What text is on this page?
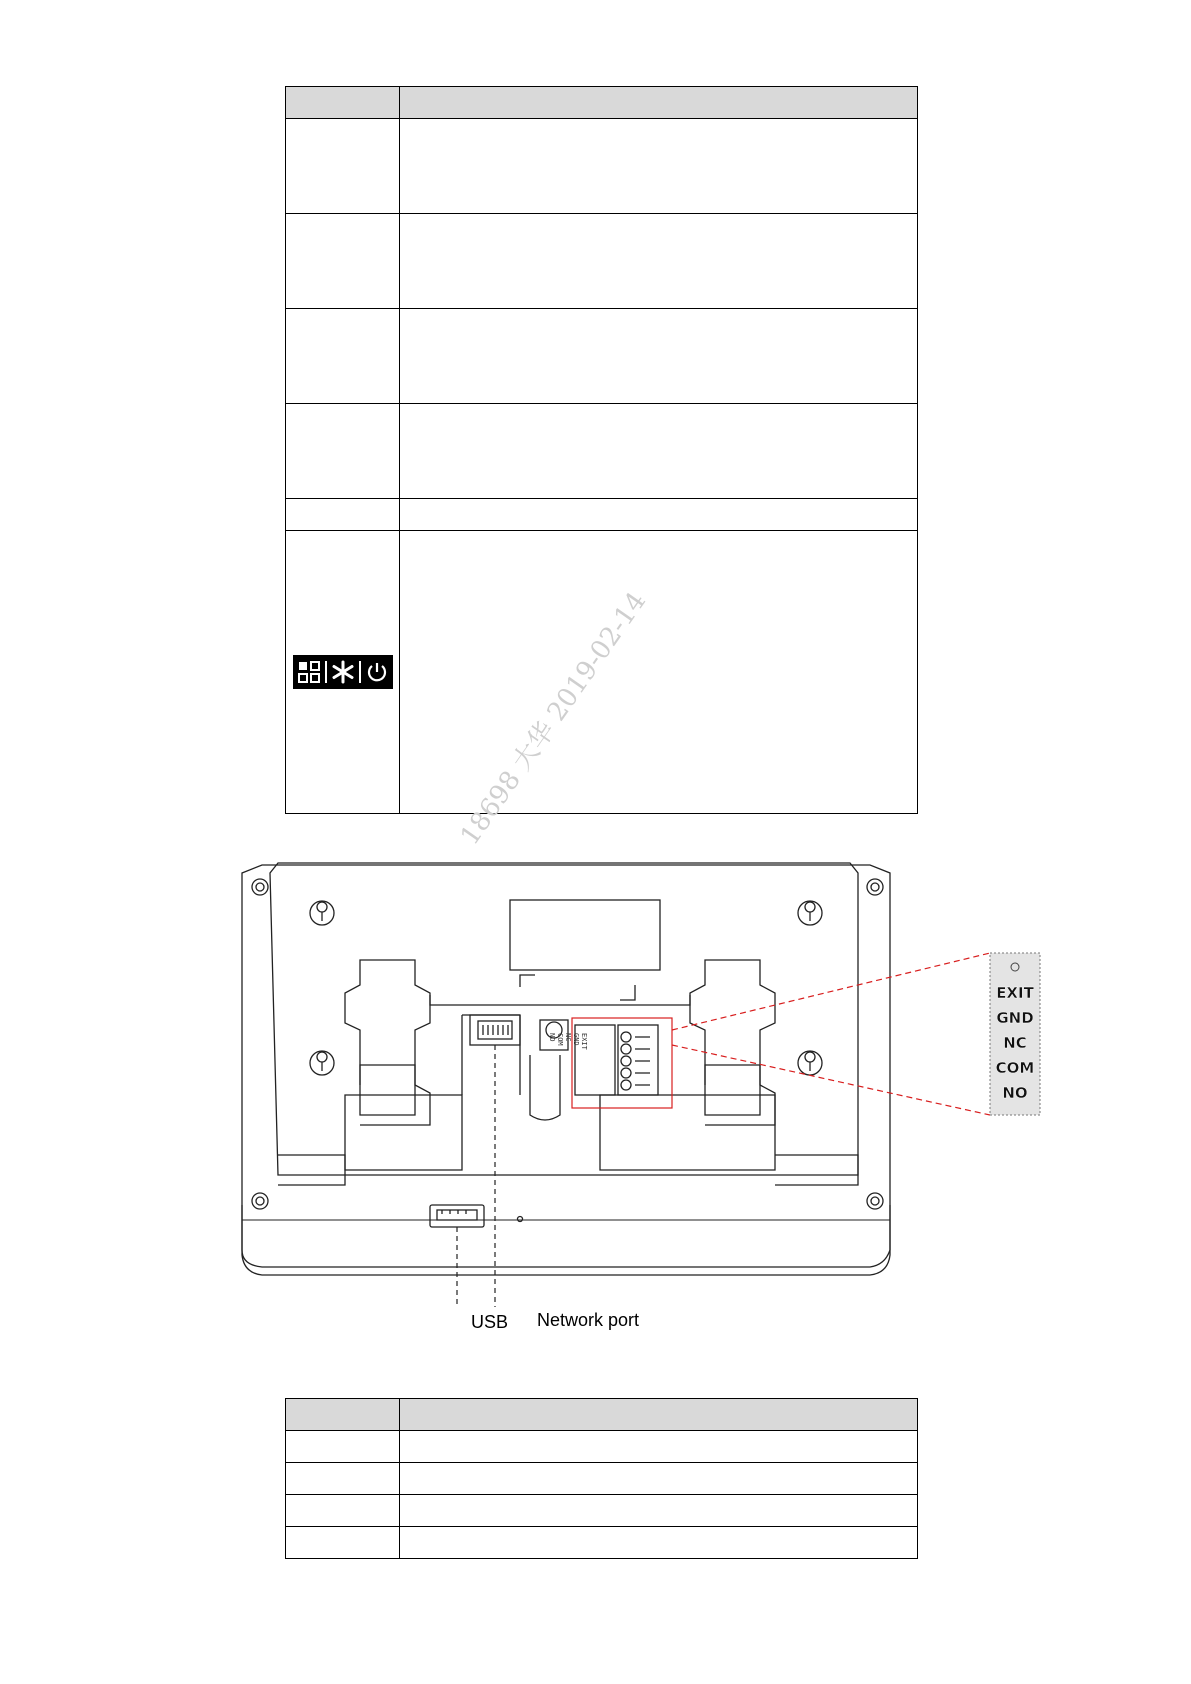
18698 大华 2019-02-14
EXIT
GND
NC
COM
NO
EXIT
GND
NC
COM
NO
USB Network port
